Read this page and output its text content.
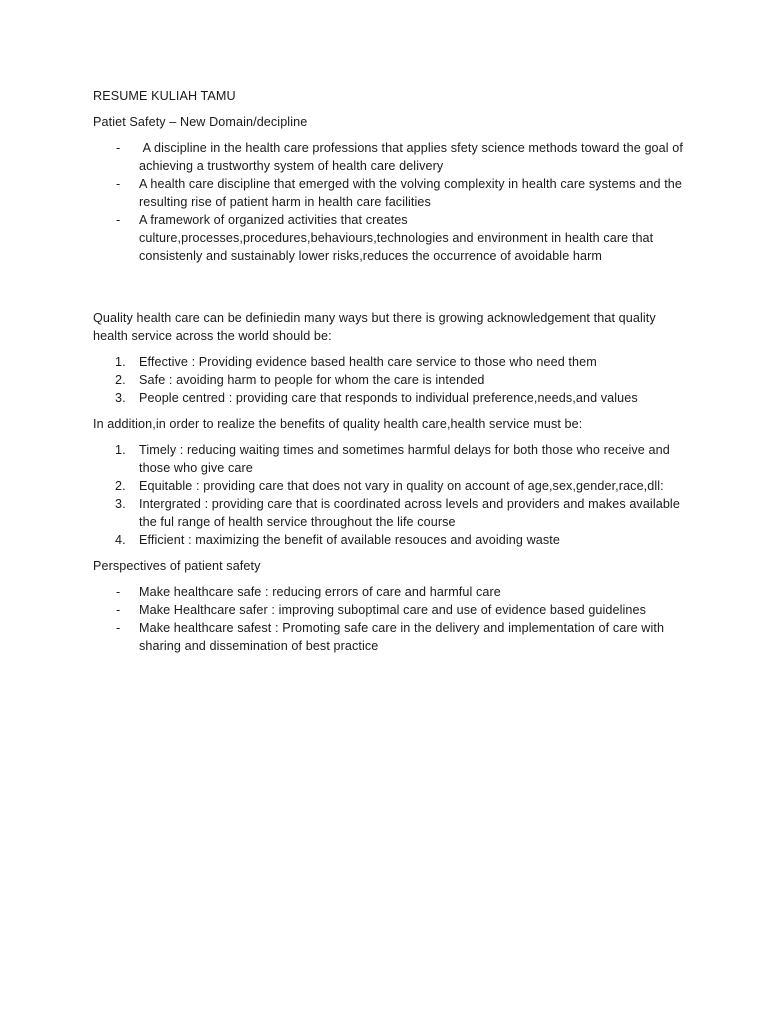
RESUME KULIAH TAMU

Patiet Safety – New Domain/decipline

- A discipline in the health care professions that applies sfety science methods toward the goal of achieving a trustworthy system of health care delivery
- A health care discipline that emerged with the volving complexity in health care systems and the resulting rise of patient harm in health care facilities
- A framework of organized activities that creates culture,processes,procedures,behaviours,technologies and environment in health care that consistenly and sustainably lower risks,reduces the occurrence of avoidable harm

Quality health care can be definiedin many ways but there is growing acknowledgement that quality health service across the world should be:

1. Effective : Providing evidence based health care service to those who need them
2. Safe : avoiding harm to people for whom the care is intended
3. People centred : providing care that responds to individual preference,needs,and values

In addition,in order to realize the benefits of quality health care,health service must be:

1. Timely : reducing waiting times and sometimes harmful delays for both those who receive and those who give care
2. Equitable : providing care that does not vary in quality on account of age,sex,gender,race,dll:
3. Intergrated : providing care that is coordinated across levels and providers and makes available the ful range of health service throughout the life course
4. Efficient : maximizing the benefit of available resouces and avoiding waste

Perspectives of patient safety

- Make healthcare safe : reducing errors of care and harmful care
- Make Healthcare safer : improving suboptimal care and use of evidence based guidelines
- Make healthcare safest : Promoting safe care in the delivery and implementation of care with sharing and dissemination of best practice
